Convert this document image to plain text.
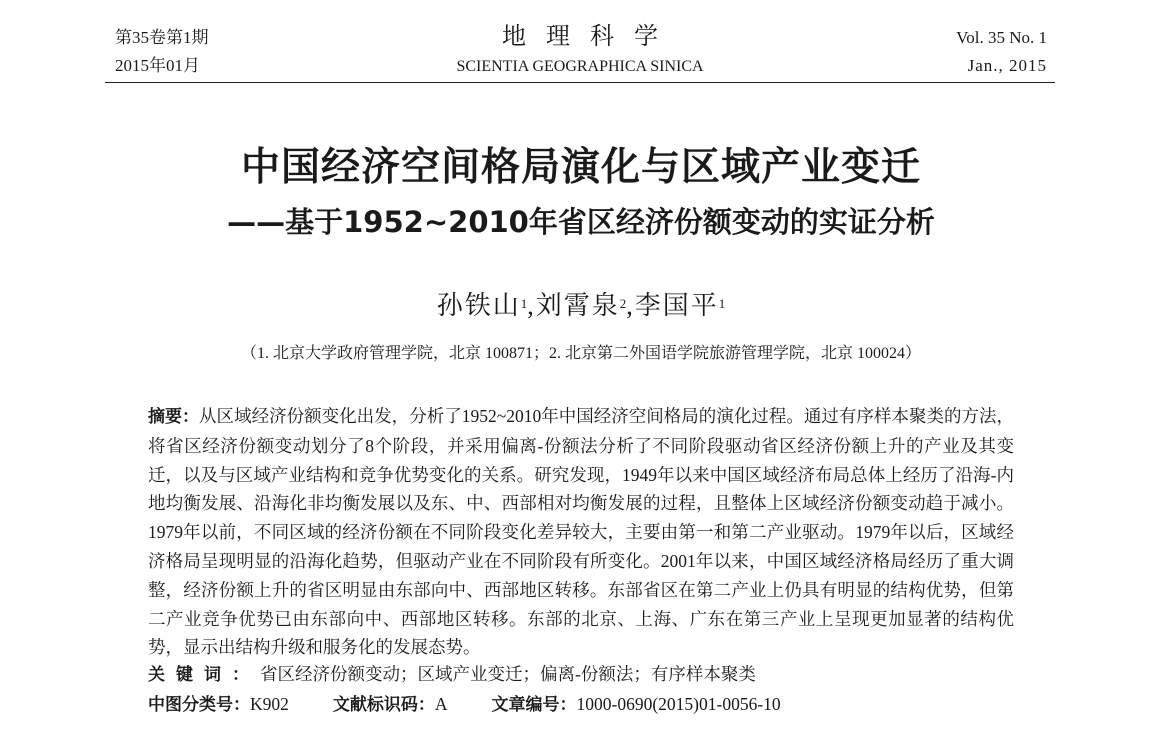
第35卷第1期
2015年01月
地理科学
SCIENTIA GEOGRAPHICA SINICA
Vol. 35 No. 1
Jan., 2015
中国经济空间格局演化与区域产业变迁
——基于1952~2010年省区经济份额变动的实证分析
孙铁山$^1$,刘霄泉$^2$,李国平$^1$
（1. 北京大学政府管理学院，北京 100871；2. 北京第二外国语学院旅游管理学院，北京 100024）
摘要：从区域经济份额变化出发，分析了1952~2010年中国经济空间格局的演化过程。通过有序样本聚类的方法，将省区经济份额变动划分了8个阶段，并采用偏离-份额法分析了不同阶段驱动省区经济份额上升的产业及其变迁，以及与区域产业结构和竞争优势变化的关系。研究发现，1949年以来中国区域经济布局总体上经历了沿海-内地均衡发展、沿海化非均衡发展以及东、中、西部相对均衡发展的过程，且整体上区域经济份额变动趋于减小。1979年以前，不同区域的经济份额在不同阶段变化差异较大，主要由第一和第二产业驱动。1979年以后，区域经济格局呈现明显的沿海化趋势，但驱动产业在不同阶段有所变化。2001年以来，中国区域经济格局经历了重大调整，经济份额上升的省区明显由东部向中、西部地区转移。东部省区在第二产业上仍具有明显的结构优势，但第二产业竞争优势已由东部向中、西部地区转移。东部的北京、上海、广东在第三产业上呈现更加显著的结构优势，显示出结构升级和服务化的发展态势。
关键词：省区经济份额变动；区域产业变迁；偏离-份额法；有序样本聚类
中图分类号：K902	文献标识码：A	文章编号：1000-0690(2015)01-0056-10
